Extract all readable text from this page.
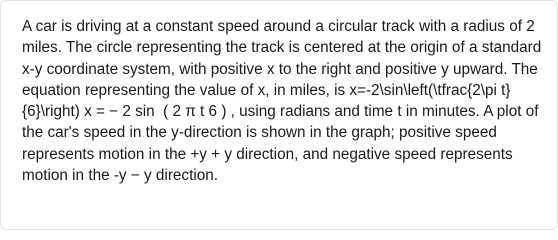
A car is driving at a constant speed around a circular track with a radius of 2 miles. The circle representing the track is centered at the origin of a standard x-y coordinate system, with positive x to the right and positive y upward. The equation representing the value of x, in miles, is x=-2\sin\left(\tfrac{2\pi t}{6}\right) x = − 2 sin ⁡ ( 2 π t 6 ) , using radians and time t in minutes. A plot of the car's speed in the y-direction is shown in the graph; positive speed represents motion in the +y + y direction, and negative speed represents motion in the -y − y direction.
